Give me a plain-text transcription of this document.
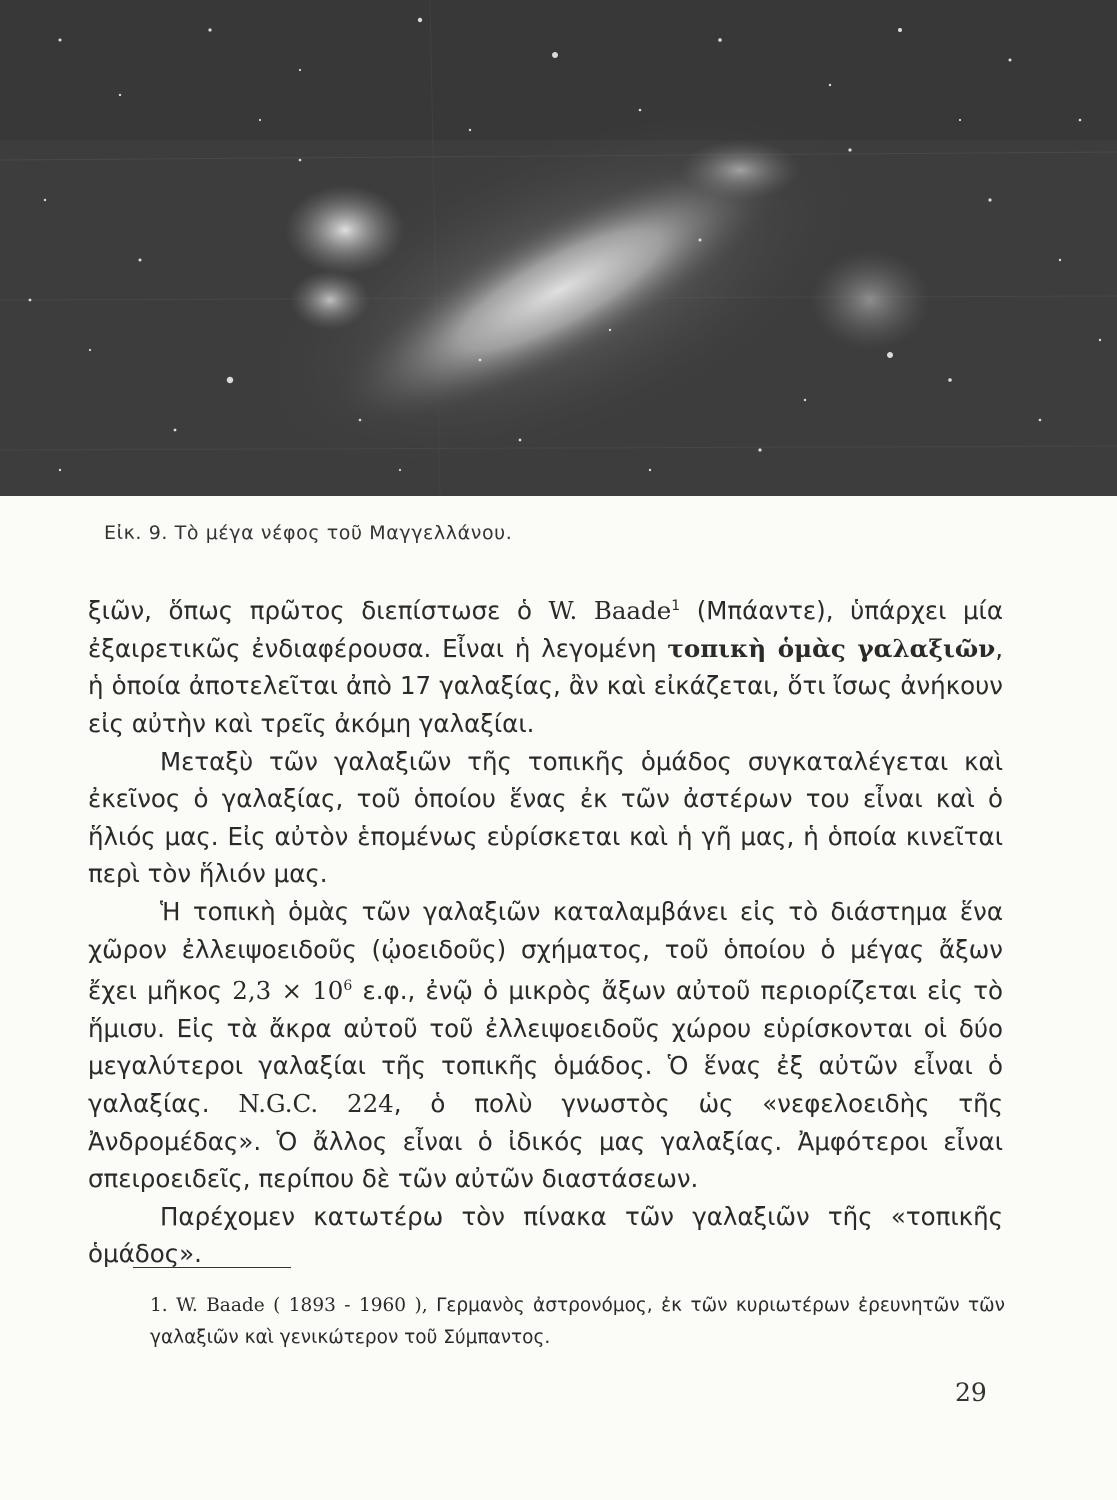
Εἰκ. 9. Τὸ μέγα νέφος τοῦ Μαγγελλάνου.

ξιῶν, ὅπως πρῶτος διεπίστωσε ὁ W. Baade$^1$ (Μπάαντε), ὑπάρχει μία ἐξαιρετικῶς ἐνδιαφέρουσα. Εἶναι ἡ λεγομένη τοπικὴ ὁμὰς γαλαξιῶν, ἡ ὁποία ἀποτελεῖται ἀπὸ 17 γαλαξίας, ἂν καὶ εἰκάζεται, ὅτι ἴσως ἀνήκουν εἰς αὐτὴν καὶ τρεῖς ἀκόμη γαλαξίαι.

Μεταξὺ τῶν γαλαξιῶν τῆς τοπικῆς ὁμάδος συγκαταλέγεται καὶ ἐκεῖνος ὁ γαλαξίας, τοῦ ὁποίου ἕνας ἐκ τῶν ἀστέρων του εἶναι καὶ ὁ ἥλιός μας. Εἰς αὐτὸν ἑπομένως εὑρίσκεται καὶ ἡ γῆ μας, ἡ ὁποία κινεῖται περὶ τὸν ἥλιόν μας.

Ἡ τοπικὴ ὁμὰς τῶν γαλαξιῶν καταλαμβάνει εἰς τὸ διάστημα ἕνα χῶρον ἐλλειψοειδοῦς (ᾠοειδοῦς) σχήματος, τοῦ ὁποίου ὁ μέγας ἄξων ἔχει μῆκος $2,3 \times 10^6$ ε.φ., ἐνῷ ὁ μικρὸς ἄξων αὐτοῦ περιορίζεται εἰς τὸ ἥμισυ. Εἰς τὰ ἄκρα αὐτοῦ τοῦ ἐλλειψοειδοῦς χώρου εὑρίσκονται οἱ δύο μεγαλύτεροι γαλαξίαι τῆς τοπικῆς ὁμάδος. Ὁ ἕνας ἐξ αὐτῶν εἶναι ὁ γαλαξίας. N.G.C. 224, ὁ πολὺ γνωστὸς ὡς «νεφελοειδὴς τῆς Ἀνδρομέδας». Ὁ ἄλλος εἶναι ὁ ἰδικός μας γαλαξίας. Ἀμφότεροι εἶναι σπειροειδεῖς, περίπου δὲ τῶν αὐτῶν διαστάσεων.

Παρέχομεν κατωτέρω τὸν πίνακα τῶν γαλαξιῶν τῆς «τοπικῆς ὁμάδος».

1. W. Baade ( 1893 - 1960 ), Γερμανὸς ἀστρονόμος, ἐκ τῶν κυριωτέρων ἐρευνητῶν τῶν γαλαξιῶν καὶ γενικώτερον τοῦ Σύμπαντος.

29
